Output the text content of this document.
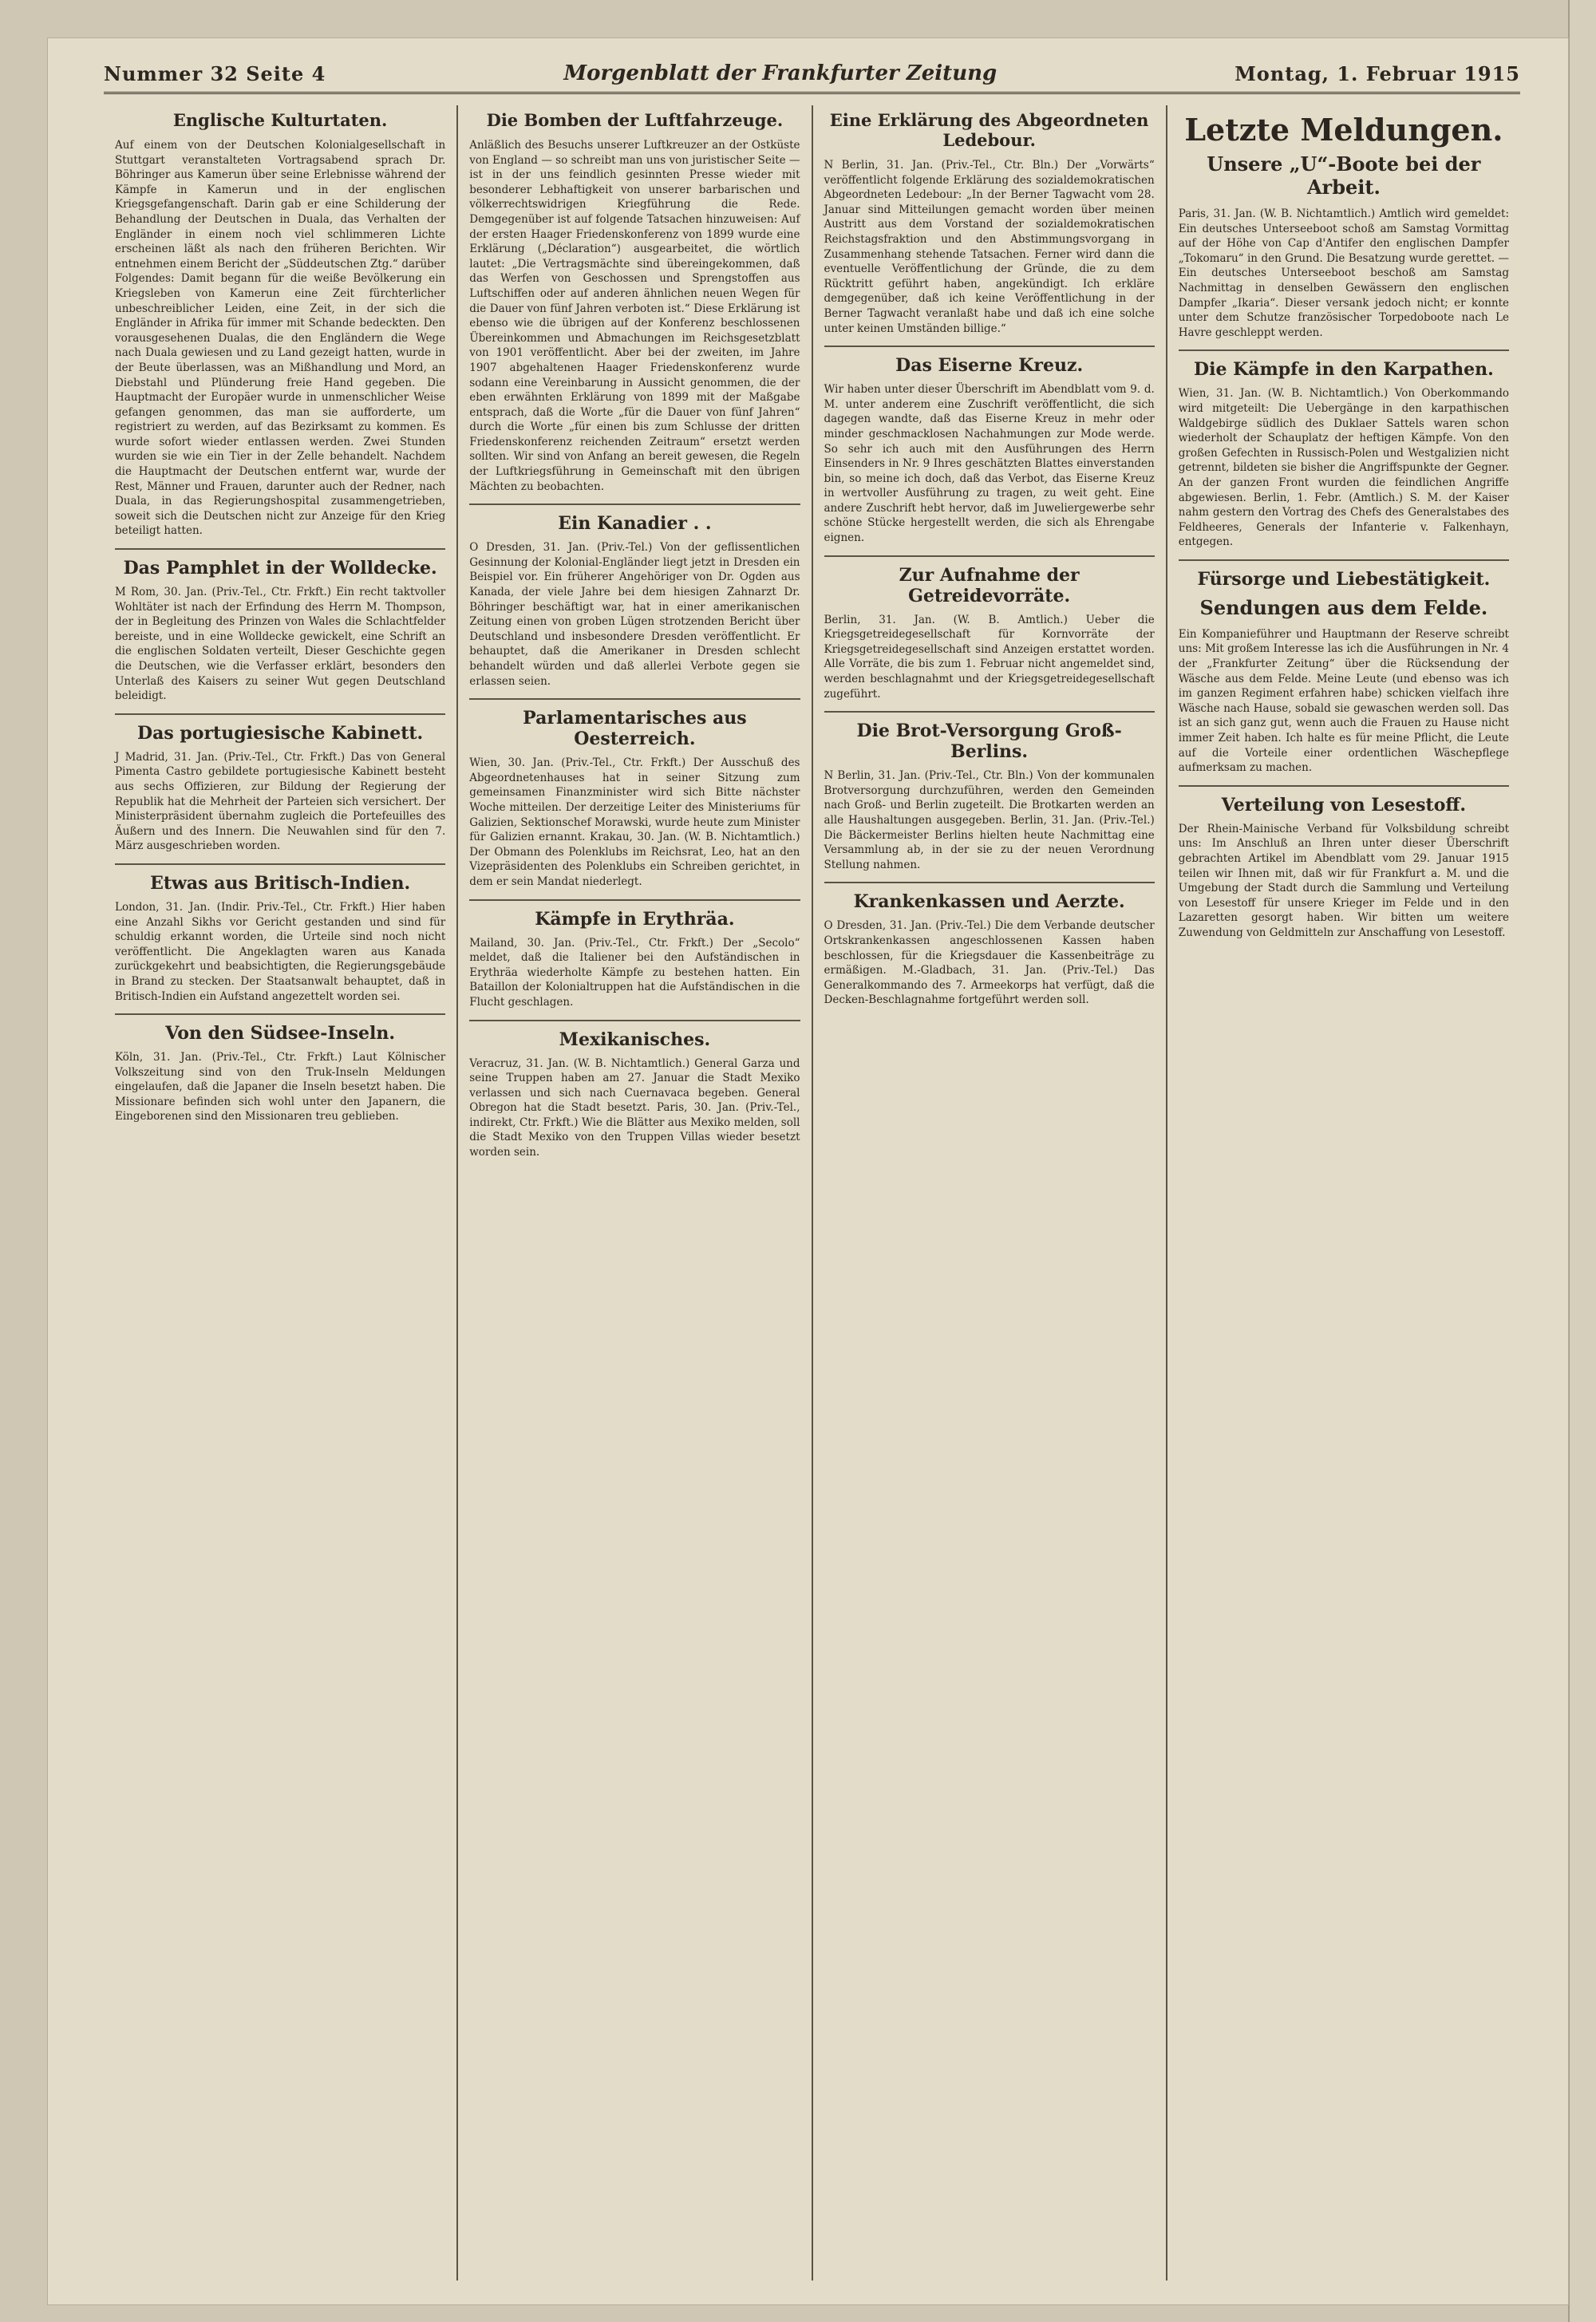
Nummer 32 Seite 4	Morgenblatt der Frankfurter Zeitung	Montag, 1. Februar 1915
Englische Kulturtaten.

Auf einem von der Deutschen Kolonialgesellschaft in Stuttgart veranstalteten Vortragsabend sprach Dr. Böhringer aus Kamerun über seine Erlebnisse während der Kämpfe in Kamerun und in der englischen Kriegsgefangenschaft. Darin gab er eine Schilderung der Behandlung der Deutschen in Duala, das Verhalten der Engländer in einem noch viel schlimmeren Lichte erscheinen läßt als nach den früheren Berichten. Wir entnehmen einem Bericht der „Süddeutschen Ztg.“ darüber Folgendes: Damit begann für die weiße Bevölkerung ein Kriegsleben von Kamerun eine Zeit fürchterlicher unbeschreiblicher Leiden, eine Zeit, in der sich die Engländer in Afrika für immer mit Schande bedeckten. Den vorausgesehenen Dualas, die den Engländern die Wege nach Duala gewiesen und zu Land gezeigt hatten, wurde in der Beute überlassen, was an Mißhandlung und Mord, an Diebstahl und Plünderung freie Hand gegeben. Die Hauptmacht der Europäer wurde in unmenschlicher Weise gefangen genommen, das man sie aufforderte, um registriert zu werden, auf das Bezirksamt zu kommen. Es wurde sofort wieder entlassen werden. Zwei Stunden wurden sie wie ein Tier in der Zelle behandelt. Nachdem die Hauptmacht der Deutschen entfernt war, wurde der Rest, Männer und Frauen, darunter auch der Redner, nach Duala, in das Regierungshospital zusammengetrieben, soweit sich die Deutschen nicht zur Anzeige für den Krieg beteiligt hatten.

Das Pamphlet in der Wolldecke.

M Rom, 30. Jan. (Priv.-Tel., Ctr. Frkft.) Ein recht taktvoller Wohltäter ist nach der Erfindung des Herrn M. Thompson, der in Begleitung des Prinzen von Wales die Schlachtfelder bereiste, und in eine Wolldecke gewickelt, eine Schrift an die englischen Soldaten verteilt, Dieser Geschichte gegen die Deutschen, wie die Verfasser erklärt, besonders den Unterlaß des Kaisers zu seiner Wut gegen Deutschland beleidigt.

Das portugiesische Kabinett.

J Madrid, 31. Jan. (Priv.-Tel., Ctr. Frkft.) Das von General Pimenta Castro gebildete portugiesische Kabinett besteht aus sechs Offizieren, zur Bildung der Regierung der Republik hat die Mehrheit der Parteien sich versichert. Der Ministerpräsident übernahm zugleich die Portefeuilles des Äußern und des Innern. Die Neuwahlen sind für den 7. März ausgeschrieben worden.

Etwas aus Britisch-Indien.

London, 31. Jan. (Indir. Priv.-Tel., Ctr. Frkft.) Hier haben eine Anzahl Sikhs vor Gericht gestanden und sind für schuldig erkannt worden, die Urteile sind noch nicht veröffentlicht. Die Angeklagten waren aus Kanada zurückgekehrt und beabsichtigten, die Regierungsgebäude in Brand zu stecken. Der Staatsanwalt behauptet, daß in Britisch-Indien ein Aufstand angezettelt worden sei.

Von den Südsee-Inseln.

Köln, 31. Jan. (Priv.-Tel., Ctr. Frkft.) Laut Kölnischer Volkszeitung sind von den Truk-Inseln Meldungen eingelaufen, daß die Japaner die Inseln besetzt haben. Die Missionare befinden sich wohl unter den Japanern, die Eingeborenen sind den Missionaren treu geblieben.

Die Bomben der Luftfahrzeuge.

Anläßlich des Besuchs unserer Luftkreuzer an der Ostküste von England — so schreibt man uns von juristischer Seite — ist in der uns feindlich gesinnten Presse wieder mit besonderer Lebhaftigkeit von unserer barbarischen und völkerrechtswidrigen Kriegführung die Rede. Demgegenüber ist auf folgende Tatsachen hinzuweisen: Auf der ersten Haager Friedenskonferenz von 1899 wurde eine Erklärung („Déclaration“) ausgearbeitet, die wörtlich lautet: „Die Vertragsmächte sind übereingekommen, daß das Werfen von Geschossen und Sprengstoffen aus Luftschiffen oder auf anderen ähnlichen neuen Wegen für die Dauer von fünf Jahren verboten ist.“ Diese Erklärung ist ebenso wie die übrigen auf der Konferenz beschlossenen Übereinkommen und Abmachungen im Reichsgesetzblatt von 1901 veröffentlicht. Aber bei der zweiten, im Jahre 1907 abgehaltenen Haager Friedenskonferenz wurde sodann eine Vereinbarung in Aussicht genommen, die der eben erwähnten Erklärung von 1899 mit der Maßgabe entsprach, daß die Worte „für die Dauer von fünf Jahren“ durch die Worte „für einen bis zum Schlusse der dritten Friedenskonferenz reichenden Zeitraum“ ersetzt werden sollten. Wir sind von Anfang an bereit gewesen, die Regeln der Luftkriegsführung in Gemeinschaft mit den übrigen Mächten zu beobachten.

Ein Kanadier . .

O Dresden, 31. Jan. (Priv.-Tel.) Von der geflissentlichen Gesinnung der Kolonial-Engländer liegt jetzt in Dresden ein Beispiel vor. Ein früherer Angehöriger von Dr. Ogden aus Kanada, der viele Jahre bei dem hiesigen Zahnarzt Dr. Böhringer beschäftigt war, hat in einer amerikanischen Zeitung einen von groben Lügen strotzenden Bericht über Deutschland und insbesondere Dresden veröffentlicht. Er behauptet, daß die Amerikaner in Dresden schlecht behandelt würden und daß allerlei Verbote gegen sie erlassen seien.

Parlamentarisches aus Oesterreich.

Wien, 30. Jan. (Priv.-Tel., Ctr. Frkft.) Der Ausschuß des Abgeordnetenhauses hat in seiner Sitzung zum gemeinsamen Finanzminister wird sich Bitte nächster Woche mitteilen. Der derzeitige Leiter des Ministeriums für Galizien, Sektionschef Morawski, wurde heute zum Minister für Galizien ernannt. Krakau, 30. Jan. (W. B. Nichtamtlich.) Der Obmann des Polenklubs im Reichsrat, Leo, hat an den Vizepräsidenten des Polenklubs ein Schreiben gerichtet, in dem er sein Mandat niederlegt.

Kämpfe in Erythräa.

Mailand, 30. Jan. (Priv.-Tel., Ctr. Frkft.) Der „Secolo“ meldet, daß die Italiener bei den Aufständischen in Erythräa wiederholte Kämpfe zu bestehen hatten. Ein Bataillon der Kolonialtruppen hat die Aufständischen in die Flucht geschlagen.

Mexikanisches.

Veracruz, 31. Jan. (W. B. Nichtamtlich.) General Garza und seine Truppen haben am 27. Januar die Stadt Mexiko verlassen und sich nach Cuernavaca begeben. General Obregon hat die Stadt besetzt. Paris, 30. Jan. (Priv.-Tel., indirekt, Ctr. Frkft.) Wie die Blätter aus Mexiko melden, soll die Stadt Mexiko von den Truppen Villas wieder besetzt worden sein.

Eine Erklärung des Abgeordneten Ledebour.

N Berlin, 31. Jan. (Priv.-Tel., Ctr. Bln.) Der „Vorwärts“ veröffentlicht folgende Erklärung des sozialdemokratischen Abgeordneten Ledebour: „In der Berner Tagwacht vom 28. Januar sind Mitteilungen gemacht worden über meinen Austritt aus dem Vorstand der sozialdemokratischen Reichstagsfraktion und den Abstimmungsvorgang in Zusammenhang stehende Tatsachen. Ferner wird dann die eventuelle Veröffentlichung der Gründe, die zu dem Rücktritt geführt haben, angekündigt. Ich erkläre demgegenüber, daß ich keine Veröffentlichung in der Berner Tagwacht veranlaßt habe und daß ich eine solche unter keinen Umständen billige.“

Das Eiserne Kreuz.

Wir haben unter dieser Überschrift im Abendblatt vom 9. d. M. unter anderem eine Zuschrift veröffentlicht, die sich dagegen wandte, daß das Eiserne Kreuz in mehr oder minder geschmacklosen Nachahmungen zur Mode werde. So sehr ich auch mit den Ausführungen des Herrn Einsenders in Nr. 9 Ihres geschätzten Blattes einverstanden bin, so meine ich doch, daß das Verbot, das Eiserne Kreuz in wertvoller Ausführung zu tragen, zu weit geht. Eine andere Zuschrift hebt hervor, daß im Juweliergewerbe sehr schöne Stücke hergestellt werden, die sich als Ehrengabe eignen.

Zur Aufnahme der Getreidevorräte.

Berlin, 31. Jan. (W. B. Amtlich.) Ueber die Kriegsgetreidegesellschaft für Kornvorräte der Kriegsgetreidegesellschaft sind Anzeigen erstattet worden. Alle Vorräte, die bis zum 1. Februar nicht angemeldet sind, werden beschlagnahmt und der Kriegsgetreidegesellschaft zugeführt.

Die Brot-Versorgung Groß-Berlins.

N Berlin, 31. Jan. (Priv.-Tel., Ctr. Bln.) Von der kommunalen Brotversorgung durchzuführen, werden den Gemeinden nach Groß- und Berlin zugeteilt. Die Brotkarten werden an alle Haushaltungen ausgegeben. Berlin, 31. Jan. (Priv.-Tel.) Die Bäckermeister Berlins hielten heute Nachmittag eine Versammlung ab, in der sie zu der neuen Verordnung Stellung nahmen.

Krankenkassen und Aerzte.

O Dresden, 31. Jan. (Priv.-Tel.) Die dem Verbande deutscher Ortskrankenkassen angeschlossenen Kassen haben beschlossen, für die Kriegsdauer die Kassenbeiträge zu ermäßigen. M.-Gladbach, 31. Jan. (Priv.-Tel.) Das Generalkommando des 7. Armeekorps hat verfügt, daß die Decken-Beschlagnahme fortgeführt werden soll.

Letzte Meldungen.
Unsere „U“-Boote bei der Arbeit.

Paris, 31. Jan. (W. B. Nichtamtlich.) Amtlich wird gemeldet: Ein deutsches Unterseeboot schoß am Samstag Vormittag auf der Höhe von Cap d'Antifer den englischen Dampfer „Tokomaru“ in den Grund. Die Besatzung wurde gerettet. — Ein deutsches Unterseeboot beschoß am Samstag Nachmittag in denselben Gewässern den englischen Dampfer „Ikaria“. Dieser versank jedoch nicht; er konnte unter dem Schutze französischer Torpedoboote nach Le Havre geschleppt werden.

Die Kämpfe in den Karpathen.

Wien, 31. Jan. (W. B. Nichtamtlich.) Von Oberkommando wird mitgeteilt: Die Uebergänge in den karpathischen Waldgebirge südlich des Duklaer Sattels waren schon wiederholt der Schauplatz der heftigen Kämpfe. Von den großen Gefechten in Russisch-Polen und Westgalizien nicht getrennt, bildeten sie bisher die Angriffspunkte der Gegner. An der ganzen Front wurden die feindlichen Angriffe abgewiesen. Berlin, 1. Febr. (Amtlich.) S. M. der Kaiser nahm gestern den Vortrag des Chefs des Generalstabes des Feldheeres, Generals der Infanterie v. Falkenhayn, entgegen.

Fürsorge und Liebestätigkeit.
Sendungen aus dem Felde.

Ein Kompanieführer und Hauptmann der Reserve schreibt uns: Mit großem Interesse las ich die Ausführungen in Nr. 4 der „Frankfurter Zeitung“ über die Rücksendung der Wäsche aus dem Felde. Meine Leute (und ebenso was ich im ganzen Regiment erfahren habe) schicken vielfach ihre Wäsche nach Hause, sobald sie gewaschen werden soll. Das ist an sich ganz gut, wenn auch die Frauen zu Hause nicht immer Zeit haben. Ich halte es für meine Pflicht, die Leute auf die Vorteile einer ordentlichen Wäschepflege aufmerksam zu machen.

Verteilung von Lesestoff.

Der Rhein-Mainische Verband für Volksbildung schreibt uns: Im Anschluß an Ihren unter dieser Überschrift gebrachten Artikel im Abendblatt vom 29. Januar 1915 teilen wir Ihnen mit, daß wir für Frankfurt a. M. und die Umgebung der Stadt durch die Sammlung und Verteilung von Lesestoff für unsere Krieger im Felde und in den Lazaretten gesorgt haben. Wir bitten um weitere Zuwendung von Geldmitteln zur Anschaffung von Lesestoff.
